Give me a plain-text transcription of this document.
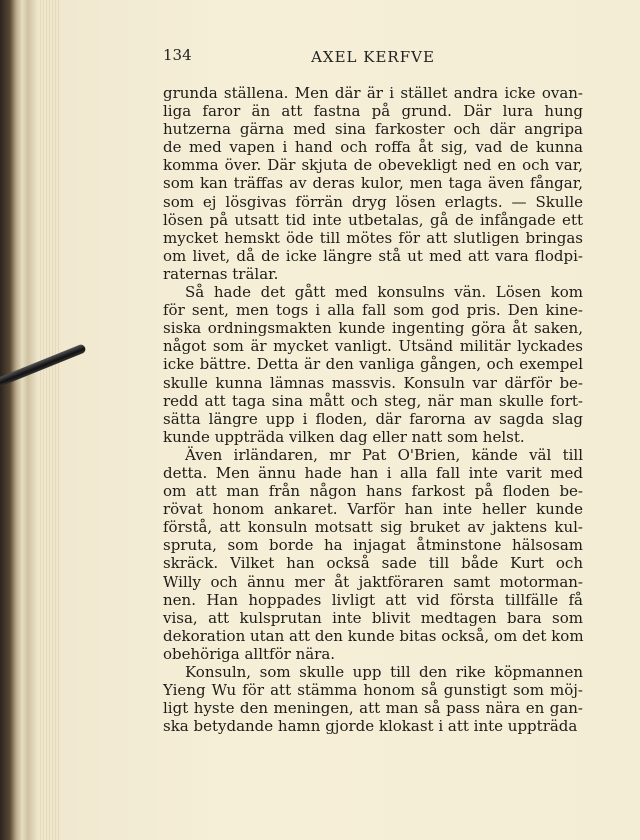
134	AXEL KERFVE
grunda ställena. Men där är i stället andra icke ovan-
liga faror än att fastna på grund. Där lura hung
hutzerna gärna med sina farkoster och där angripa
de med vapen i hand och roffa åt sig, vad de kunna
komma över. Där skjuta de obevekligt ned en och var,
som kan träffas av deras kulor, men taga även fångar,
som ej lösgivas förrän dryg lösen erlagts. — Skulle
lösen på utsatt tid inte utbetalas, gå de infångade ett
mycket hemskt öde till mötes för att slutligen bringas
om livet, då de icke längre stå ut med att vara flodpi-
raternas trälar.
Så hade det gått med konsulns vän. Lösen kom
för sent, men togs i alla fall som god pris. Den kine-
siska ordningsmakten kunde ingenting göra åt saken,
något som är mycket vanligt. Utsänd militär lyckades
icke bättre. Detta är den vanliga gången, och exempel
skulle kunna lämnas massvis. Konsuln var därför be-
redd att taga sina mått och steg, när man skulle fort-
sätta längre upp i floden, där farorna av sagda slag
kunde uppträda vilken dag eller natt som helst.
Även irländaren, mr Pat O'Brien, kände väl till
detta. Men ännu hade han i alla fall inte varit med
om att man från någon hans farkost på floden be-
rövat honom ankaret. Varför han inte heller kunde
förstå, att konsuln motsatt sig bruket av jaktens kul-
spruta, som borde ha injagat åtminstone hälsosam
skräck. Vilket han också sade till både Kurt och
Willy och ännu mer åt jaktföraren samt motorman-
nen. Han hoppades livligt att vid första tillfälle få
visa, att kulsprutan inte blivit medtagen bara som
dekoration utan att den kunde bitas också, om det kom
obehöriga alltför nära.
Konsuln, som skulle upp till den rike köpmannen
Yieng Wu för att stämma honom så gunstigt som möj-
ligt hyste den meningen, att man så pass nära en gan-
ska betydande hamn gjorde klokast i att inte uppträda
